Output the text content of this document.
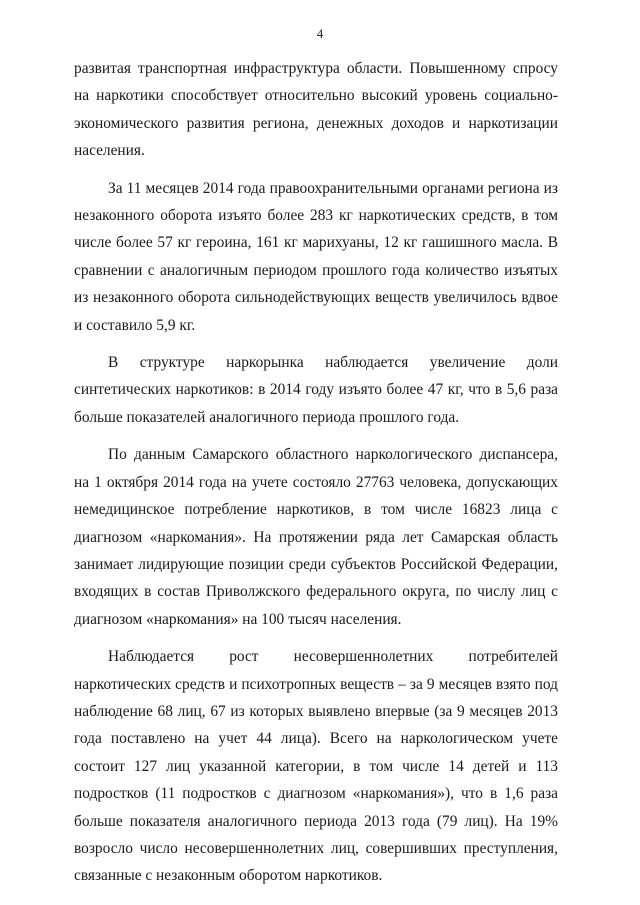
4

развитая транспортная инфраструктура области. Повышенному спросу на наркотики способствует относительно высокий уровень социально-экономического развития региона, денежных доходов и наркотизации населения.

За 11 месяцев 2014 года правоохранительными органами региона из незаконного оборота изъято более 283 кг наркотических средств, в том числе более 57 кг героина, 161 кг марихуаны, 12 кг гашишного масла. В сравнении с аналогичным периодом прошлого года количество изъятых из незаконного оборота сильнодействующих веществ увеличилось вдвое и составило 5,9 кг.

В структуре наркорынка наблюдается увеличение доли синтетических наркотиков: в 2014 году изъято более 47 кг, что в 5,6 раза больше показателей аналогичного периода прошлого года.

По данным Самарского областного наркологического диспансера, на 1 октября 2014 года на учете состояло 27763 человека, допускающих немедицинское потребление наркотиков, в том числе 16823 лица с диагнозом «наркомания». На протяжении ряда лет Самарская область занимает лидирующие позиции среди субъектов Российской Федерации, входящих в состав Приволжского федерального округа, по числу лиц с диагнозом «наркомания» на 100 тысяч населения.

Наблюдается рост несовершеннолетних потребителей наркотических средств и психотропных веществ – за 9 месяцев взято под наблюдение 68 лиц, 67 из которых выявлено впервые (за 9 месяцев 2013 года поставлено на учет 44 лица). Всего на наркологическом учете состоит 127 лиц указанной категории, в том числе 14 детей и 113 подростков (11 подростков с диагнозом «наркомания»), что в 1,6 раза больше показателя аналогичного периода 2013 года (79 лиц). На 19% возросло число несовершеннолетних лиц, совершивших преступления, связанные с незаконным оборотом наркотиков.
